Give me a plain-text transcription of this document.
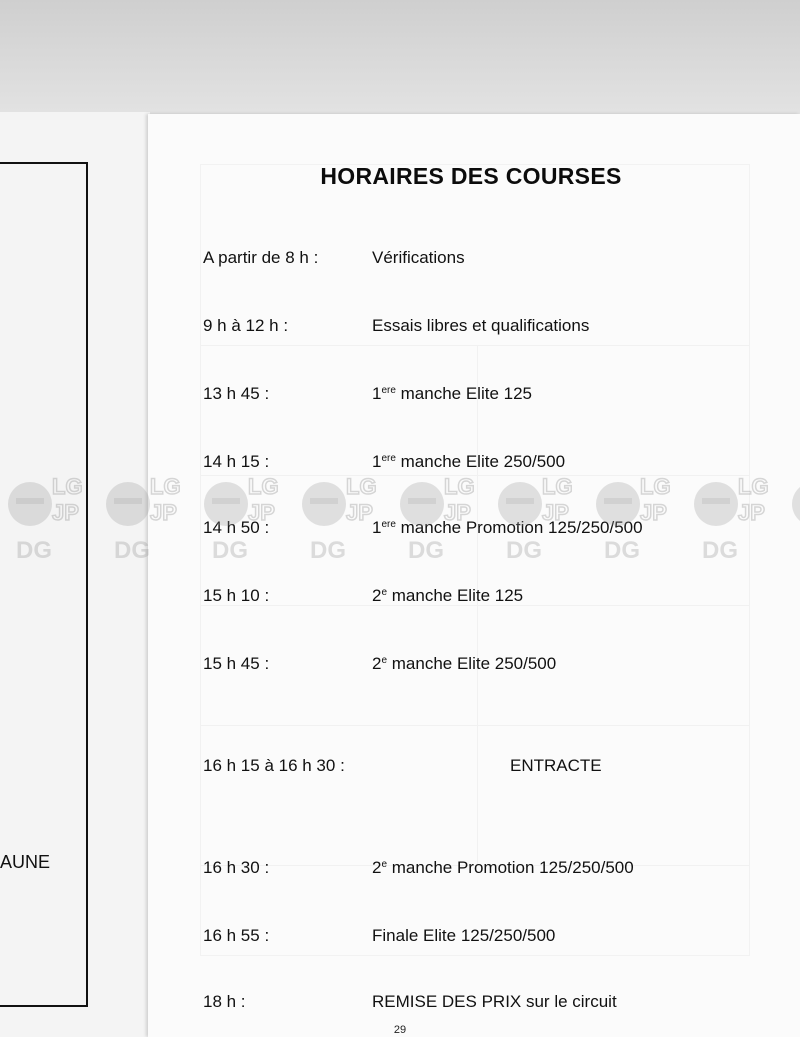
AUNE
HORAIRES DES COURSES
A partir de 8 h :	Vérifications
9 h à 12 h :	Essais libres et qualifications
13 h 45 :	1ere manche Elite 125
14 h 15 :	1ere manche Elite 250/500
14 h 50 :	1ere manche Promotion 125/250/500
15 h 10 :	2e manche Elite 125
15 h 45 :	2e manche Elite 250/500
16 h 15 à 16 h 30 :	ENTRACTE
16 h 30 :	2e manche Promotion 125/250/500
16 h 55 :	Finale Elite 125/250/500
18 h :	REMISE DES PRIX sur le circuit
LG
JP
DG
LG
JP
DG
LG
JP
DG
LG
JP
DG
LG
JP
DG
LG
JP
DG
LG
JP
DG
LG
JP
DG
29
